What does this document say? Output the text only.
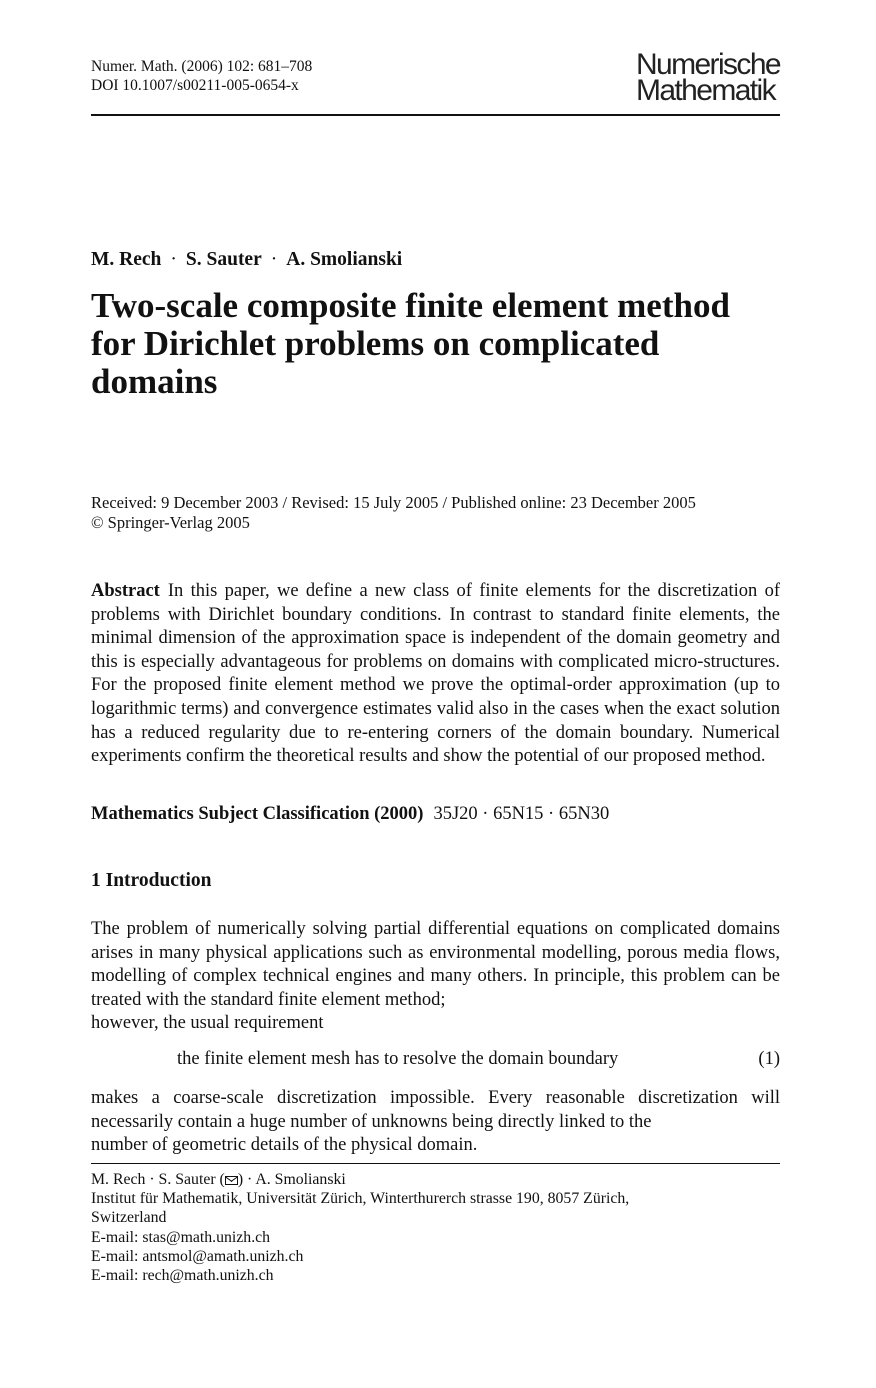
Numer. Math. (2006) 102: 681–708
DOI 10.1007/s00211-005-0654-x
Numerische
Mathematik
M. Rech · S. Sauter · A. Smolianski
Two-scale composite finite element method for Dirichlet problems on complicated domains
Received: 9 December 2003 / Revised: 15 July 2005 / Published online: 23 December 2005
© Springer-Verlag 2005

Abstract In this paper, we define a new class of finite elements for the discretization of problems with Dirichlet boundary conditions. In contrast to standard finite elements, the minimal dimension of the approximation space is independent of the domain geometry and this is especially advantageous for problems on domains with complicated micro-structures. For the proposed finite element method we prove the optimal-order approximation (up to logarithmic terms) and convergence estimates valid also in the cases when the exact solution has a reduced regularity due to re-entering corners of the domain boundary. Numerical experiments confirm the theoretical results and show the potential of our proposed method.

Mathematics Subject Classification (2000) 35J20 · 65N15 · 65N30
1 Introduction

The problem of numerically solving partial differential equations on complicated domains arises in many physical applications such as environmental modelling, porous media flows, modelling of complex technical engines and many others. In principle, this problem can be treated with the standard finite element method;
however, the usual requirement

the finite element mesh has to resolve the domain boundary	(1)

makes a coarse-scale discretization impossible. Every reasonable discretization will necessarily contain a huge number of unknowns being directly linked to the
number of geometric details of the physical domain.

M. Rech · S. Sauter ( ) · A. Smolianski
Institut für Mathematik, Universität Zürich, Winterthurerch strasse 190, 8057 Zürich,
Switzerland
E-mail: stas@math.unizh.ch
E-mail: antsmol@amath.unizh.ch
E-mail: rech@math.unizh.ch
